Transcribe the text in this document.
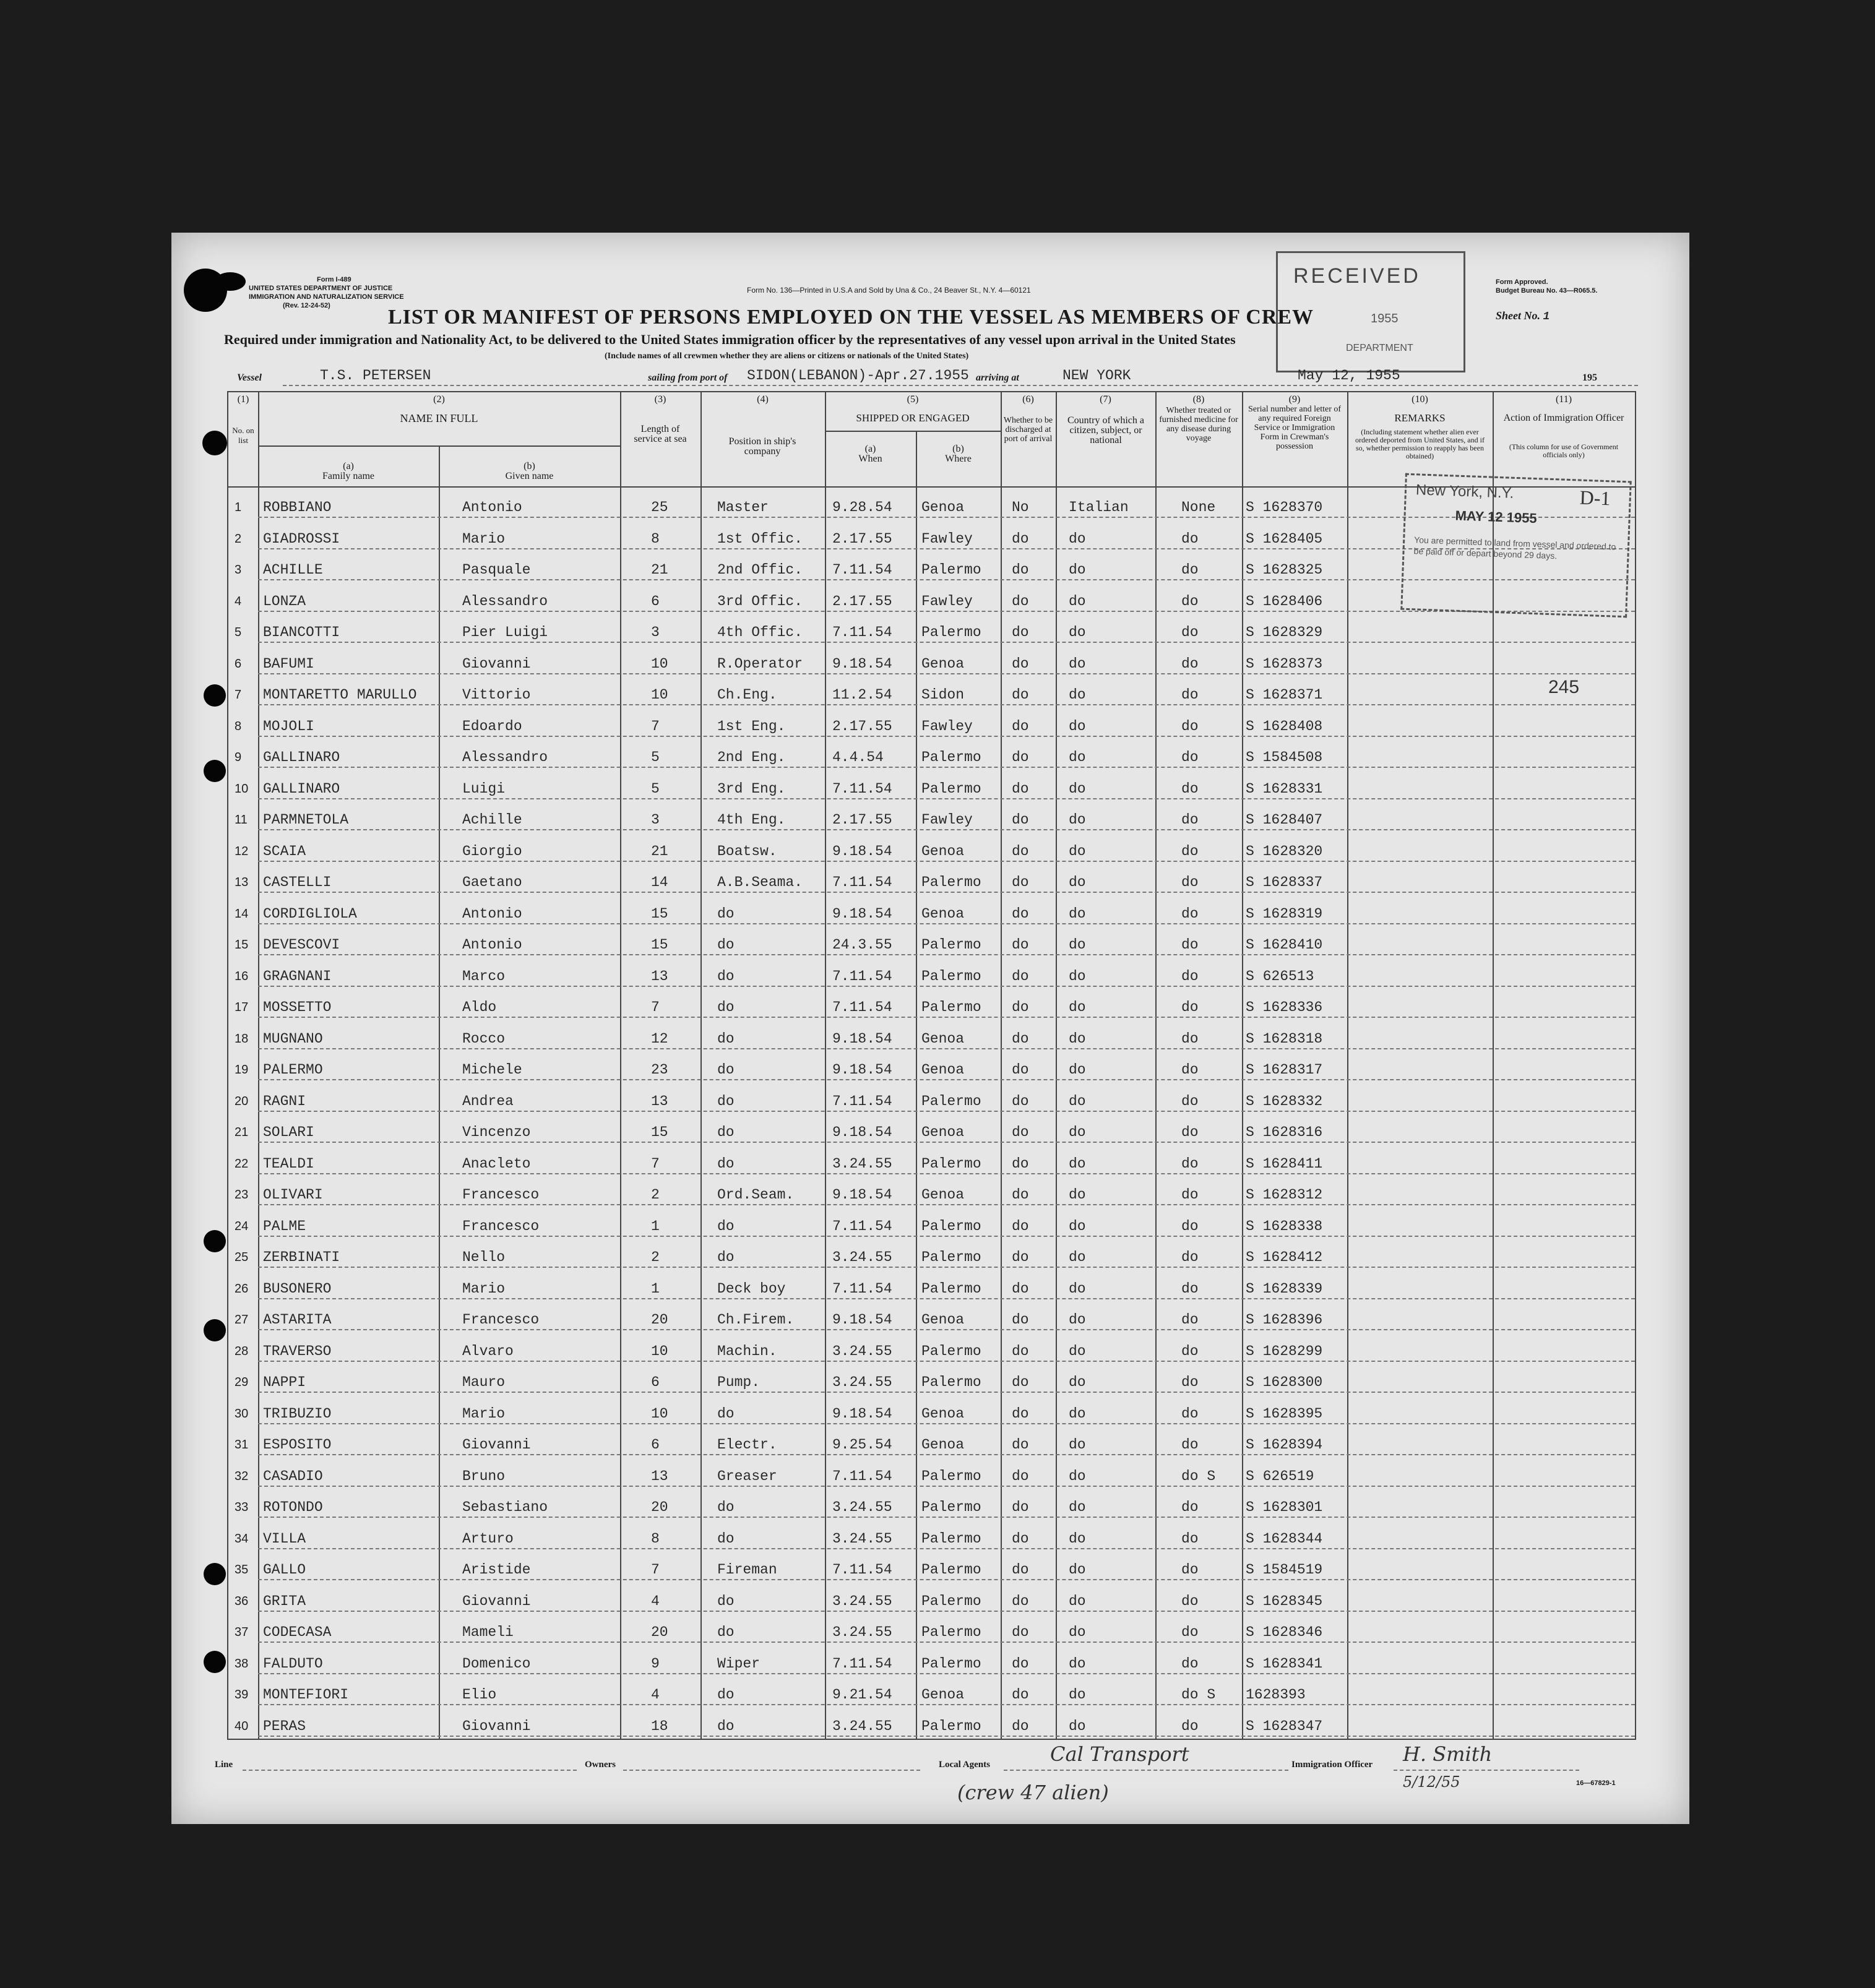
Form I-489
UNITED STATES DEPARTMENT OF JUSTICE
IMMIGRATION AND NATURALIZATION SERVICE
(Rev. 12-24-52)
Form No. 136—Printed in U.S.A and Sold by Una & Co., 24 Beaver St., N.Y. 4—60121
Form Approved.
Budget Bureau No. 43—R065.5.
Sheet No. 1
LIST OR MANIFEST OF PERSONS EMPLOYED ON THE VESSEL AS MEMBERS OF CREW
Required under immigration and Nationality Act, to be delivered to the United States immigration officer by the representatives of any vessel upon arrival in the United States
(Include names of all crewmen whether they are aliens or citizens or nationals of the United States)
RECEIVED
1955
DEPARTMENT
Vessel	T.S. PETERSEN	sailing from port of SIDON(LEBANON)-Apr.27.1955 arriving at	NEW YORK	May 12, 1955	195
(1)
No. on list
(2)
NAME IN FULL
(a)
Family name
(b)
Given name
(3)
Length of service at sea
(4)
Position in ship's company
(5)
SHIPPED OR ENGAGED
(a)
When
(b)
Where
(6)
Whether to be discharged at port of arrival
(7)
Country of which a citizen, subject, or national
(8)
Whether treated or furnished medicine for any disease during voyage
(9)
Serial number and letter of any required Foreign Service or Immigration Form in Crewman's possession
(10)
REMARKS
(Including statement whether alien ever ordered deported from United States, and if so, whether permission to reapply has been obtained)
(11)
Action of Immigration Officer
(This column for use of Government officials only)
1 ROBBIANO	Antonio	25	Master	9.28.54 Genoa	No	Italian	None S 1628370
2 GIADROSSI	Mario	8	1st Offic. 2.17.55 Fawley	do	do	do	S 1628405
3 ACHILLE	Pasquale	21	2nd Offic. 7.11.54 Palermo do	do	do	S 1628325
4 LONZA	Alessandro	6	3rd Offic. 2.17.55 Fawley	do	do	do	S 1628406
5 BIANCOTTI	Pier Luigi	3	4th Offic. 7.11.54 Palermo do	do	do	S 1628329
6 BAFUMI	Giovanni	10	R.Operator 9.18.54 Genoa	do	do	do	S 1628373
7 MONTARETTO MARULLO	Vittorio	10	Ch.Eng.	11.2.54 Sidon	do	do	do	S 1628371
8 MOJOLI	Edoardo	7	1st Eng.	2.17.55 Fawley	do	do	do	S 1628408
9 GALLINARO	Alessandro	5	2nd Eng.	4.4.54	Palermo do	do	do	S 1584508
10 GALLINARO	Luigi	5	3rd Eng.	7.11.54 Palermo do	do	do	S 1628331
11 PARMNETOLA	Achille	3	4th Eng.	2.17.55 Fawley	do	do	do	S 1628407
12 SCAIA	Giorgio	21	Boatsw.	9.18.54 Genoa	do	do	do	S 1628320
13 CASTELLI	Gaetano	14	A.B.Seama. 7.11.54 Palermo do	do	do	S 1628337
14 CORDIGLIOLA	Antonio	15	do	9.18.54 Genoa	do	do	do	S 1628319
15 DEVESCOVI	Antonio	15	do	24.3.55 Palermo do	do	do	S 1628410
16 GRAGNANI	Marco	13	do	7.11.54 Palermo do	do	do	S 626513
17 MOSSETTO	Aldo	7	do	7.11.54 Palermo do	do	do	S 1628336
18 MUGNANO	Rocco	12	do	9.18.54 Genoa	do	do	do	S 1628318
19 PALERMO	Michele	23	do	9.18.54 Genoa	do	do	do	S 1628317
20 RAGNI	Andrea	13	do	7.11.54 Palermo do	do	do	S 1628332
21 SOLARI	Vincenzo	15	do	9.18.54 Genoa	do	do	do	S 1628316
22 TEALDI	Anacleto	7	do	3.24.55 Palermo do	do	do	S 1628411
23 OLIVARI	Francesco	2	Ord.Seam.	9.18.54 Genoa	do	do	do	S 1628312
24 PALME	Francesco	1	do	7.11.54 Palermo do	do	do	S 1628338
25 ZERBINATI	Nello	2	do	3.24.55 Palermo do	do	do	S 1628412
26 BUSONERO	Mario	1	Deck boy	7.11.54 Palermo do	do	do	S 1628339
27 ASTARITA	Francesco	20	Ch.Firem.	9.18.54 Genoa	do	do	do	S 1628396
28 TRAVERSO	Alvaro	10	Machin.	3.24.55 Palermo do	do	do	S 1628299
29 NAPPI	Mauro	6	Pump.	3.24.55 Palermo do	do	do	S 1628300
30 TRIBUZIO	Mario	10	do	9.18.54 Genoa	do	do	do	S 1628395
31 ESPOSITO	Giovanni	6	Electr.	9.25.54 Genoa	do	do	do	S 1628394
32 CASADIO	Bruno	13	Greaser	7.11.54 Palermo do	do	do S S 626519
33 ROTONDO	Sebastiano	20	do	3.24.55 Palermo do	do	do	S 1628301
34 VILLA	Arturo	8	do	3.24.55 Palermo do	do	do	S 1628344
35 GALLO	Aristide	7	Fireman	7.11.54 Palermo do	do	do	S 1584519
36 GRITA	Giovanni	4	do	3.24.55 Palermo do	do	do	S 1628345
37 CODECASA	Mameli	20	do	3.24.55 Palermo do	do	do	S 1628346
38 FALDUTO	Domenico	9	Wiper	7.11.54 Palermo do	do	do	S 1628341
39 MONTEFIORI	Elio	4	do	9.21.54 Genoa	do	do	do S 1628393
40 PERAS	Giovanni	18	do	3.24.55 Palermo do	do	do	S 1628347
New York, N.Y.	D-1
MAY 12 1955
You are permitted to land from vessel and ordered to be paid off or depart beyond 29 days.
245
Line	Owners	Local Agents	Cal Transport	Immigration Officer H. Smith
5/12/55	16—67829-1
(crew 47 alien)
